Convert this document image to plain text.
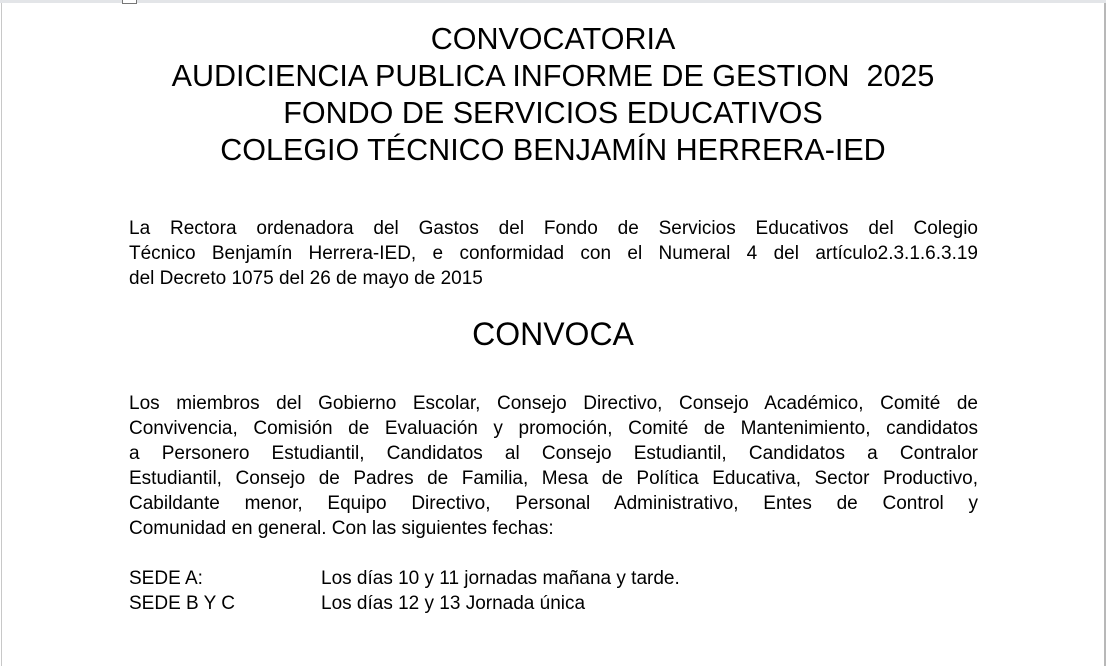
CONVOCATORIA
AUDICIENCIA PUBLICA INFORME DE GESTION  2025
FONDO DE SERVICIOS EDUCATIVOS
COLEGIO TÉCNICO BENJAMÍN HERRERA-IED
La Rectora ordenadora del Gastos del Fondo de Servicios Educativos del Colegio
Técnico Benjamín Herrera-IED, e conformidad con el Numeral 4 del artículo2.3.1.6.3.19
del Decreto 1075 del 26 de mayo de 2015
CONVOCA
Los miembros del Gobierno Escolar, Consejo Directivo, Consejo Académico, Comité de
Convivencia, Comisión de Evaluación y promoción, Comité de Mantenimiento, candidatos
a Personero Estudiantil, Candidatos al Consejo Estudiantil, Candidatos a Contralor
Estudiantil, Consejo de Padres de Familia, Mesa de Política Educativa, Sector Productivo,
Cabildante menor, Equipo Directivo, Personal Administrativo, Entes de Control y
Comunidad en general. Con las siguientes fechas:
SEDE A:	Los días 10 y 11 jornadas mañana y tarde.
SEDE B Y C	Los días 12 y 13 Jornada única
